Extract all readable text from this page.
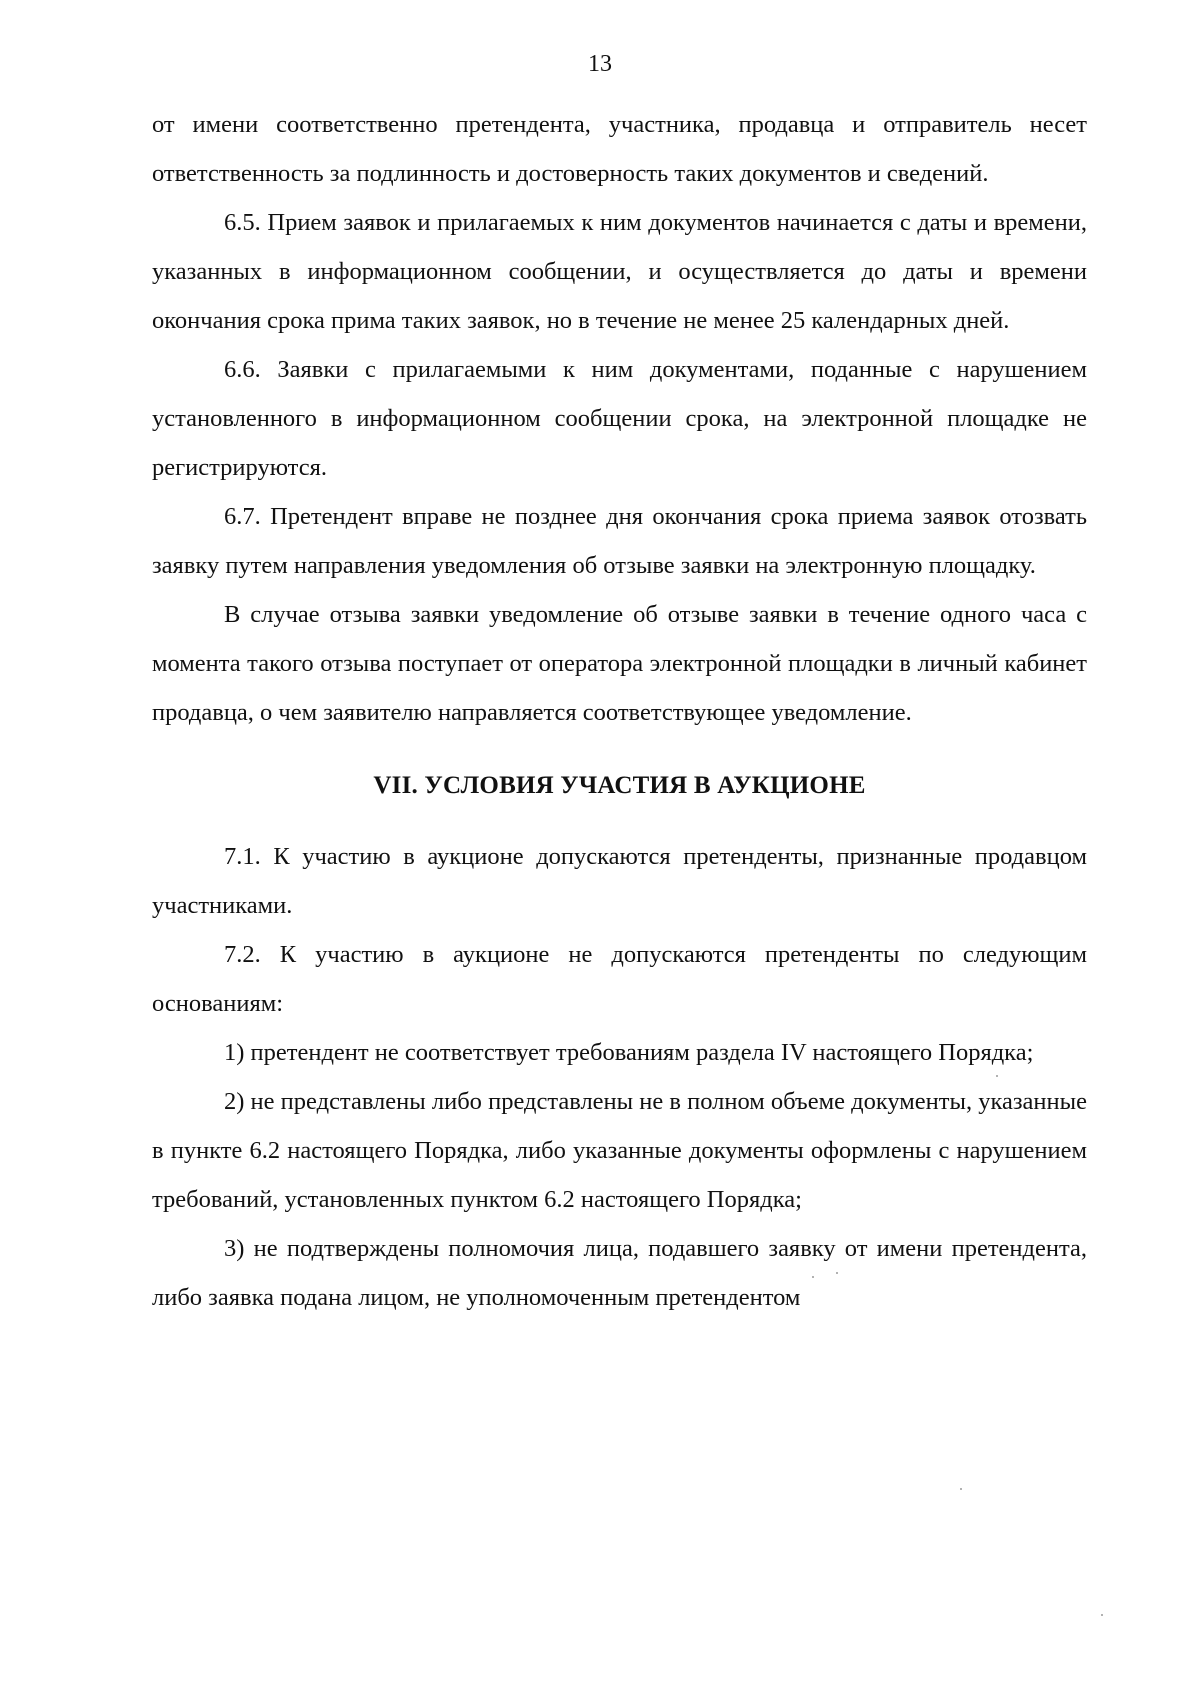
13

от имени соответственно претендента, участника, продавца и отправитель несет ответственность за подлинность и достоверность таких документов и сведений.

6.5. Прием заявок и прилагаемых к ним документов начинается с даты и времени, указанных в информационном сообщении, и осуществляется до даты и времени окончания срока прима таких заявок, но в течение не менее 25 календарных дней.

6.6. Заявки с прилагаемыми к ним документами, поданные с нарушением установленного в информационном сообщении срока, на электронной площадке не регистрируются.

6.7. Претендент вправе не позднее дня окончания срока приема заявок отозвать заявку путем направления уведомления об отзыве заявки на электронную площадку.

В случае отзыва заявки уведомление об отзыве заявки в течение одного часа с момента такого отзыва поступает от оператора электронной площадки в личный кабинет продавца, о чем заявителю направляется соответствующее уведомление.

VII. УСЛОВИЯ УЧАСТИЯ В АУКЦИОНЕ

7.1. К участию в аукционе допускаются претенденты, признанные продавцом участниками.

7.2. К участию в аукционе не допускаются претенденты по следующим основаниям:

1) претендент не соответствует требованиям раздела IV настоящего Порядка;

2) не представлены либо представлены не в полном объеме документы, указанные в пункте 6.2 настоящего Порядка, либо указанные документы оформлены с нарушением требований, установленных пунктом 6.2 настоящего Порядка;

3) не подтверждены полномочия лица, подавшего заявку от имени претендента, либо заявка подана лицом, не уполномоченным претендентом
